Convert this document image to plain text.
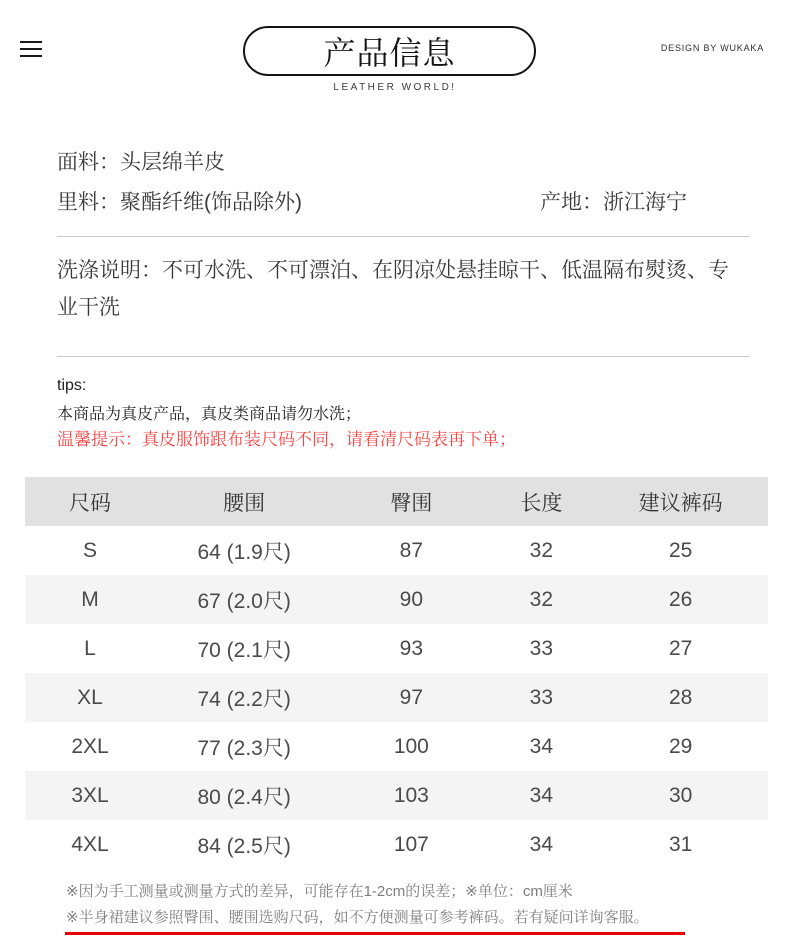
产品信息
LEATHER WORLD!
DESIGN BY WUKAKA
面料：头层绵羊皮
里料：聚酯纤维(饰品除外)	产地：浙江海宁
洗涤说明：不可水洗、不可漂泊、在阴凉处悬挂晾干、低温隔布熨烫、专业干洗
tips:
本商品为真皮产品，真皮类商品请勿水洗；
温馨提示：真皮服饰跟布装尺码不同，请看清尺码表再下单；
尺码	腰围	臀围	长度	建议裤码
S	64 (1.9尺)	87	32	25
M	67 (2.0尺)	90	32	26
L	70 (2.1尺)	93	33	27
XL	74 (2.2尺)	97	33	28
2XL	77 (2.3尺)	100	34	29
3XL	80 (2.4尺)	103	34	30
4XL	84 (2.5尺)	107	34	31
※因为手工测量或测量方式的差异，可能存在1-2cm的误差；※单位：cm厘米
※半身裙建议参照臀围、腰围选购尺码，如不方便测量可参考裤码。若有疑问详询客服。
